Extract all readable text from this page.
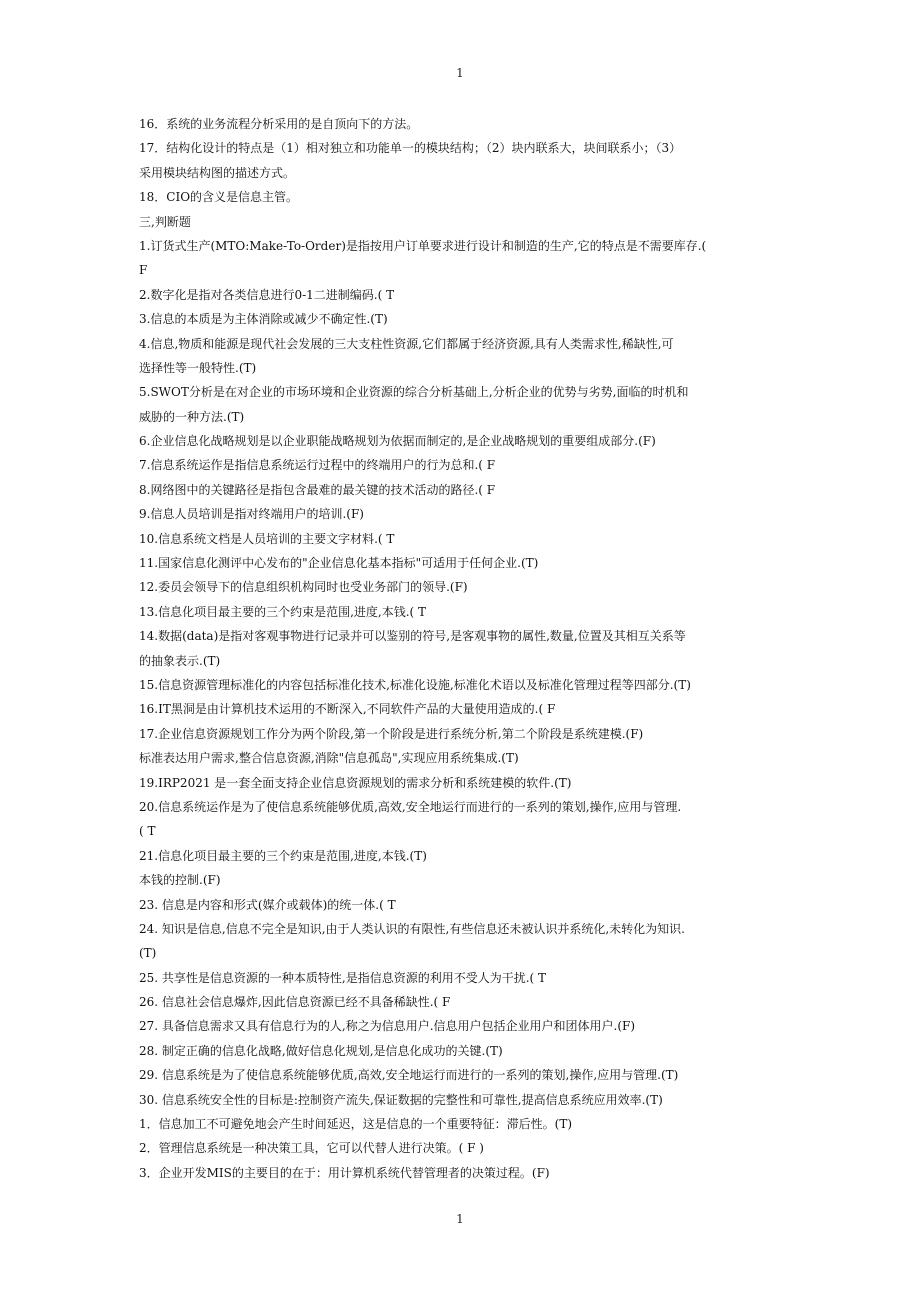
1
16．系统的业务流程分析采用的是自顶向下的方法。
17．结构化设计的特点是（1）相对独立和功能单一的模块结构；（2）块内联系大，块间联系小；（3）
采用模块结构图的描述方式。
18．CIO的含义是信息主管。
三,判断题
1.订货式生产(MTO:Make-To-Order)是指按用户订单要求进行设计和制造的生产,它的特点是不需要库存.(
F
2.数字化是指对各类信息进行0-1二进制编码.( T
3.信息的本质是为主体消除或减少不确定性.(T)
4.信息,物质和能源是现代社会发展的三大支柱性资源,它们都属于经济资源,具有人类需求性,稀缺性,可
选择性等一般特性.(T)
5.SWOT分析是在对企业的市场环境和企业资源的综合分析基础上,分析企业的优势与劣势,面临的时机和
威胁的一种方法.(T)
6.企业信息化战略规划是以企业职能战略规划为依据而制定的,是企业战略规划的重要组成部分.(F)
7.信息系统运作是指信息系统运行过程中的终端用户的行为总和.( F
8.网络图中的关键路径是指包含最难的最关键的技术活动的路径.( F
9.信息人员培训是指对终端用户的培训.(F)
10.信息系统文档是人员培训的主要文字材料.( T
11.国家信息化测评中心发布的"企业信息化基本指标"可适用于任何企业.(T)
12.委员会领导下的信息组织机构同时也受业务部门的领导.(F)
13.信息化项目最主要的三个约束是范围,进度,本钱.( T
14.数据(data)是指对客观事物进行记录并可以鉴别的符号,是客观事物的属性,数量,位置及其相互关系等
的抽象表示.(T)
15.信息资源管理标准化的内容包括标准化技术,标准化设施,标准化术语以及标准化管理过程等四部分.(T)
16.IT黑洞是由计算机技术运用的不断深入,不同软件产品的大量使用造成的.( F
17.企业信息资源规划工作分为两个阶段,第一个阶段是进行系统分析,第二个阶段是系统建模.(F)
标准表达用户需求,整合信息资源,消除"信息孤岛",实现应用系统集成.(T)
19.IRP2021 是一套全面支持企业信息资源规划的需求分析和系统建模的软件.(T)
20.信息系统运作是为了使信息系统能够优质,高效,安全地运行而进行的一系列的策划,操作,应用与管理.
( T
21.信息化项目最主要的三个约束是范围,进度,本钱.(T)
本钱的控制.(F)
23. 信息是内容和形式(媒介或载体)的统一体.( T
24. 知识是信息,信息不完全是知识,由于人类认识的有限性,有些信息还未被认识并系统化,未转化为知识.
(T)
25. 共享性是信息资源的一种本质特性,是指信息资源的利用不受人为干扰.( T
26. 信息社会信息爆炸,因此信息资源已经不具备稀缺性.( F
27. 具备信息需求又具有信息行为的人,称之为信息用户.信息用户包括企业用户和团体用户.(F)
28. 制定正确的信息化战略,做好信息化规划,是信息化成功的关键.(T)
29. 信息系统是为了使信息系统能够优质,高效,安全地运行而进行的一系列的策划,操作,应用与管理.(T)
30. 信息系统安全性的目标是:控制资产流失,保证数据的完整性和可靠性,提高信息系统应用效率.(T)
1．信息加工不可避免地会产生时间延迟，这是信息的一个重要特征：滞后性。(T)
2．管理信息系统是一种决策工具，它可以代替人进行决策。( F )
3．企业开发MIS的主要目的在于：用计算机系统代替管理者的决策过程。(F)
1
